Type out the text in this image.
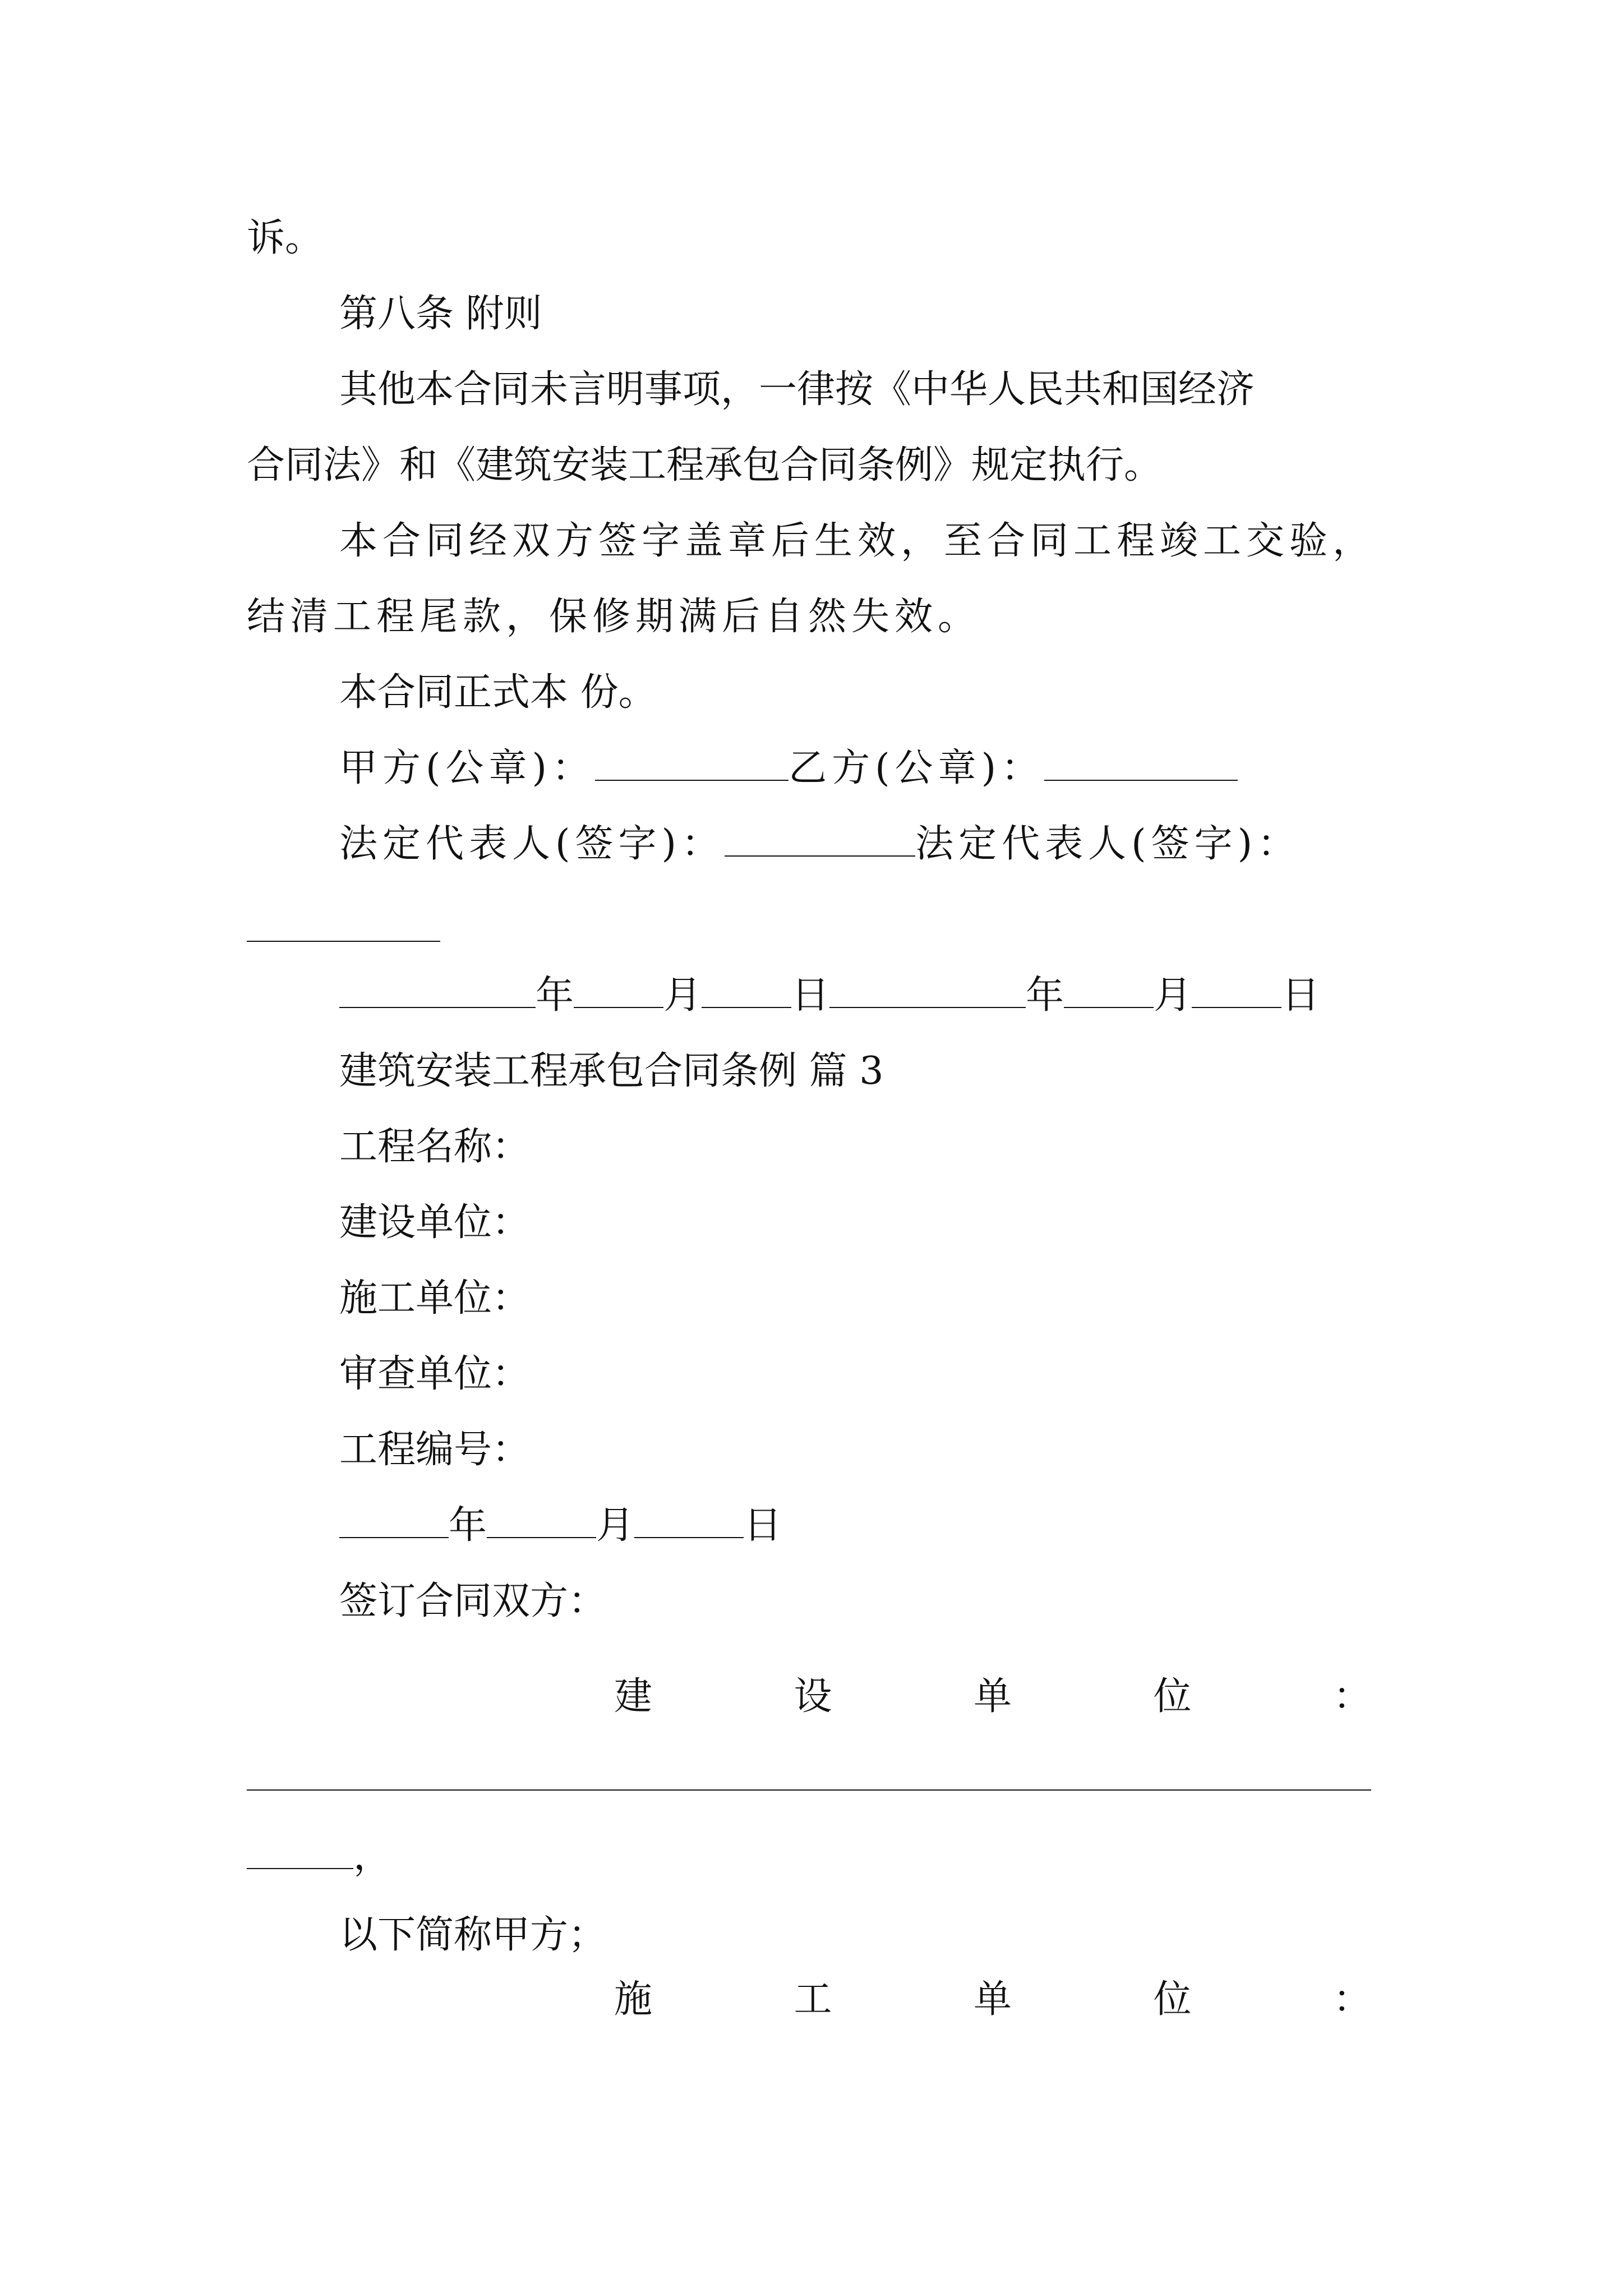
诉。

第八条 附则

其他本合同未言明事项，一律按《中华人民共和国经济

合同法》和《建筑安装工程承包合同条例》规定执行。

本合同经双方签字盖章后生效，至合同工程竣工交验，

结清工程尾款，保修期满后自然失效。

本合同正式本 份。

甲方(公章)：	乙方(公章)：

法定代表人(签字)：	法定代表人(签字)：

年 月 日	年 月 日

建筑安装工程承包合同条例 篇 3

工程名称：

建设单位：

施工单位：

审查单位：

工程编号：

年	月	日

签订合同双方：

建	设	单	位	：

，

以下简称甲方；

施	工	单	位	：
